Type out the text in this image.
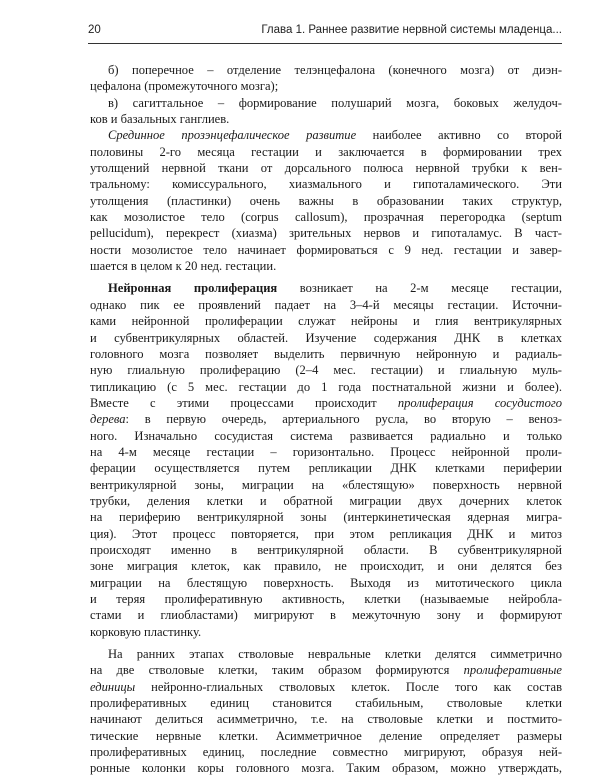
20	Глава 1. Раннее развитие нервной системы младенца...
б) поперечное – отделение телэнцефалона (конечного мозга) от диэн-
цефалона (промежуточного мозга);
в) сагиттальное – формирование полушарий мозга, боковых желудоч-
ков и базальных ганглиев.
Срединное прозэнцефалическое развитие наиболее активно со второй
половины 2-го месяца гестации и заключается в формировании трех
утолщений нервной ткани от дорсального полюса нервной трубки к вен-
тральному: комиссурального, хиазмального и гипоталамического. Эти
утолщения (пластинки) очень важны в образовании таких структур,
как мозолистое тело (corpus callosum), прозрачная перегородка (septum
pellucidum), перекрест (хиазма) зрительных нервов и гипоталамус. В част-
ности мозолистое тело начинает формироваться с 9 нед. гестации и завер-
шается в целом к 20 нед. гестации.
Нейронная пролиферация возникает на 2-м месяце гестации,
однако пик ее проявлений падает на 3–4-й месяцы гестации. Источни-
ками нейронной пролиферации служат нейроны и глия вентрикулярных
и субвентрикулярных областей. Изучение содержания ДНК в клетках
головного мозга позволяет выделить первичную нейронную и радиаль-
ную глиальную пролиферацию (2–4 мес. гестации) и глиальную муль-
типликацию (с 5 мес. гестации до 1 года постнатальной жизни и более).
Вместе с этими процессами происходит пролиферация сосудистого
дерева: в первую очередь, артериального русла, во вторую – веноз-
ного. Изначально сосудистая система развивается радиально и только
на 4-м месяце гестации – горизонтально. Процесс нейронной проли-
ферации осуществляется путем репликации ДНК клетками периферии
вентрикулярной зоны, миграции на «блестящую» поверхность нервной
трубки, деления клетки и обратной миграции двух дочерних клеток
на периферию вентрикулярной зоны (интеркинетическая ядерная мигра-
ция). Этот процесс повторяется, при этом репликация ДНК и митоз
происходят именно в вентрикулярной области. В субвентрикулярной
зоне миграция клеток, как правило, не происходит, и они делятся без
миграции на блестящую поверхность. Выходя из митотического цикла
и теряя пролиферативную активность, клетки (называемые нейробла-
стами и глиобластами) мигрируют в межуточную зону и формируют
корковую пластинку.
На ранних этапах стволовые невральные клетки делятся симметрично
на две стволовые клетки, таким образом формируются пролиферативные
единицы нейронно-глиальных стволовых клеток. После того как состав
пролиферативных единиц становится стабильным, стволовые клетки
начинают делиться асимметрично, т.е. на стволовые клетки и постмито-
тические нервные клетки. Асимметричное деление определяет размеры
пролиферативных единиц, последние совместно мигрируют, образуя ней-
ронные колонки коры головного мозга. Таким образом, можно утверждать,
